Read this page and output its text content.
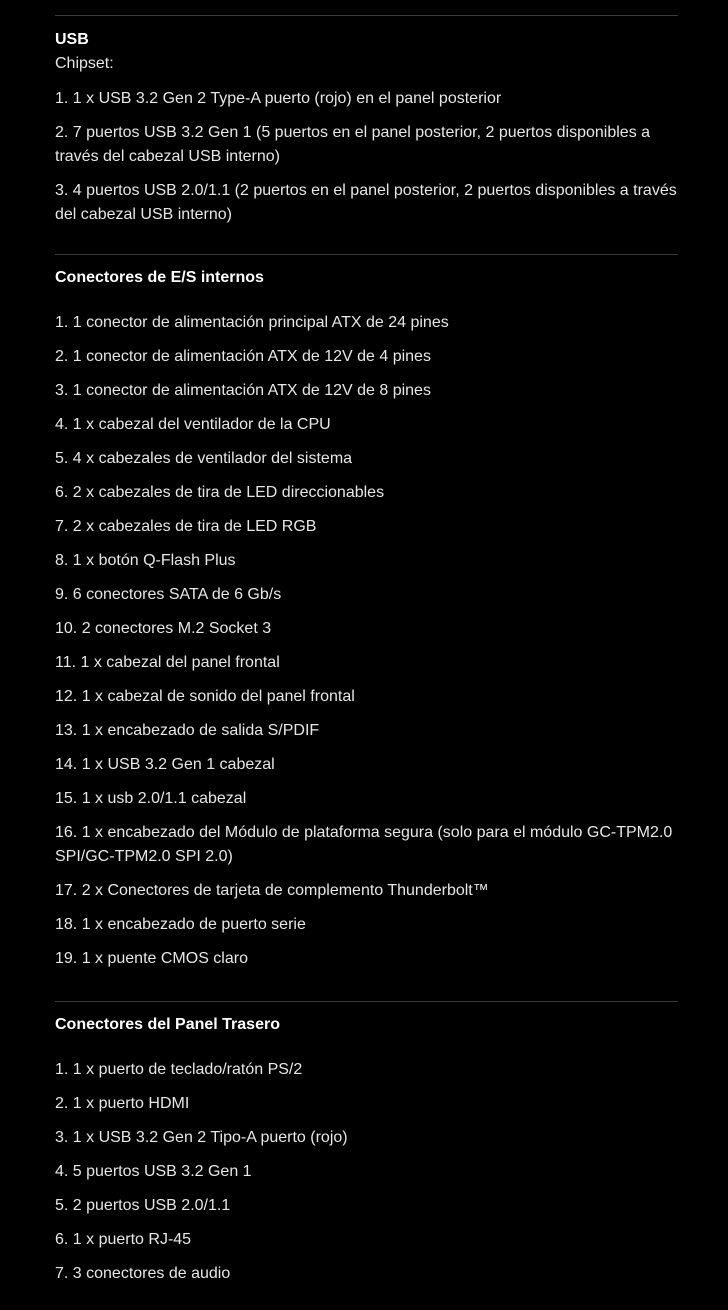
USB
Chipset:
1. 1 x USB 3.2 Gen 2 Type-A puerto (rojo) en el panel posterior
2. 7 puertos USB 3.2 Gen 1 (5 puertos en el panel posterior, 2 puertos disponibles a través del cabezal USB interno)
3. 4 puertos USB 2.0/1.1 (2 puertos en el panel posterior, 2 puertos disponibles a través del cabezal USB interno)
Conectores de E/S internos
1. 1 conector de alimentación principal ATX de 24 pines
2. 1 conector de alimentación ATX de 12V de 4 pines
3. 1 conector de alimentación ATX de 12V de 8 pines
4. 1 x cabezal del ventilador de la CPU
5. 4 x cabezales de ventilador del sistema
6. 2 x cabezales de tira de LED direccionables
7. 2 x cabezales de tira de LED RGB
8. 1 x botón Q-Flash Plus
9. 6 conectores SATA de 6 Gb/s
10. 2 conectores M.2 Socket 3
11. 1 x cabezal del panel frontal
12. 1 x cabezal de sonido del panel frontal
13. 1 x encabezado de salida S/PDIF
14. 1 x USB 3.2 Gen 1 cabezal
15. 1 x usb 2.0/1.1 cabezal
16. 1 x encabezado del Módulo de plataforma segura (solo para el módulo GC-TPM2.0 SPI/GC-TPM2.0 SPI 2.0)
17. 2 x Conectores de tarjeta de complemento Thunderbolt™
18. 1 x encabezado de puerto serie
19. 1 x puente CMOS claro
Conectores del Panel Trasero
1. 1 x puerto de teclado/ratón PS/2
2. 1 x puerto HDMI
3. 1 x USB 3.2 Gen 2 Tipo-A puerto (rojo)
4. 5 puertos USB 3.2 Gen 1
5. 2 puertos USB 2.0/1.1
6. 1 x puerto RJ-45
7. 3 conectores de audio
